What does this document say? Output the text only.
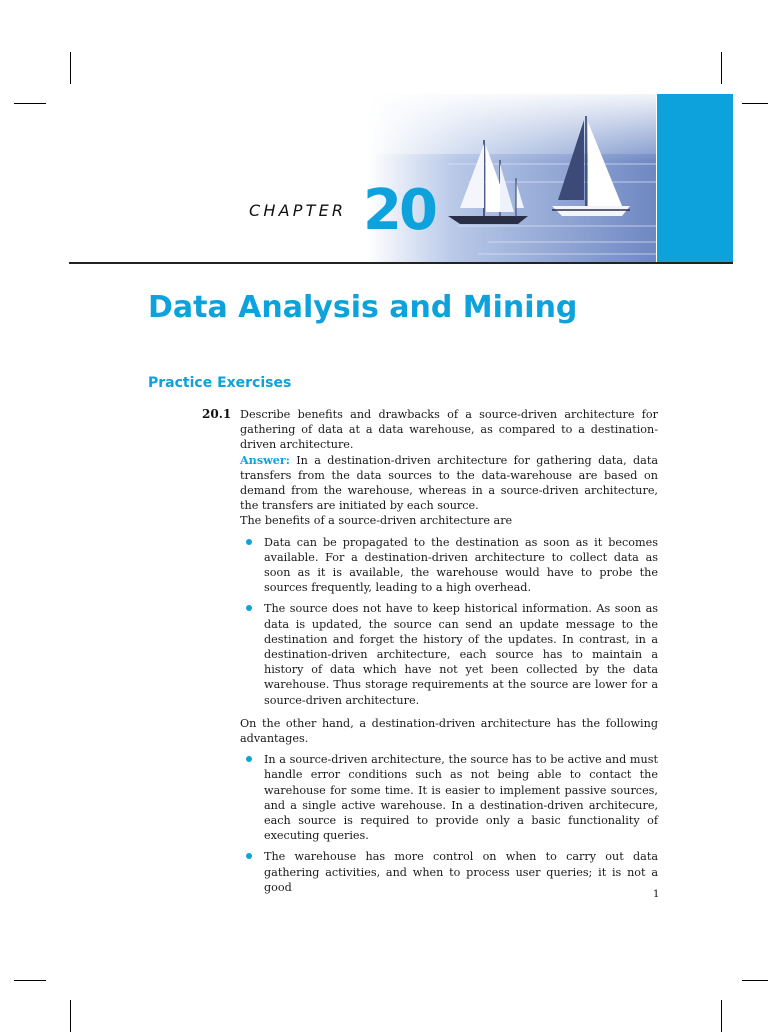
CHAPTER 20
Data Analysis and Mining
Practice Exercises
20.1 Describe benefits and drawbacks of a source-driven architecture for gathering of data at a data warehouse, as compared to a destination-driven architecture.

Answer: In a destination-driven architecture for gathering data, data transfers from the data sources to the data-warehouse are based on demand from the warehouse, whereas in a source-driven architecture, the transfers are initiated by each source.

The benefits of a source-driven architecture are

Data can be propagated to the destination as soon as it becomes available. For a destination-driven architecture to collect data as soon as it is available, the warehouse would have to probe the sources frequently, leading to a high overhead.
The source does not have to keep historical information. As soon as data is updated, the source can send an update message to the destination and forget the history of the updates. In contrast, in a destination-driven architecture, each source has to maintain a history of data which have not yet been collected by the data warehouse. Thus storage requirements at the source are lower for a source-driven architecture.

On the other hand, a destination-driven architecture has the following advantages.

In a source-driven architecture, the source has to be active and must handle error conditions such as not being able to contact the warehouse for some time. It is easier to implement passive sources, and a single active warehouse. In a destination-driven architecure, each source is required to provide only a basic functionality of executing queries.
The warehouse has more control on when to carry out data gathering activities, and when to process user queries; it is not a good
1
